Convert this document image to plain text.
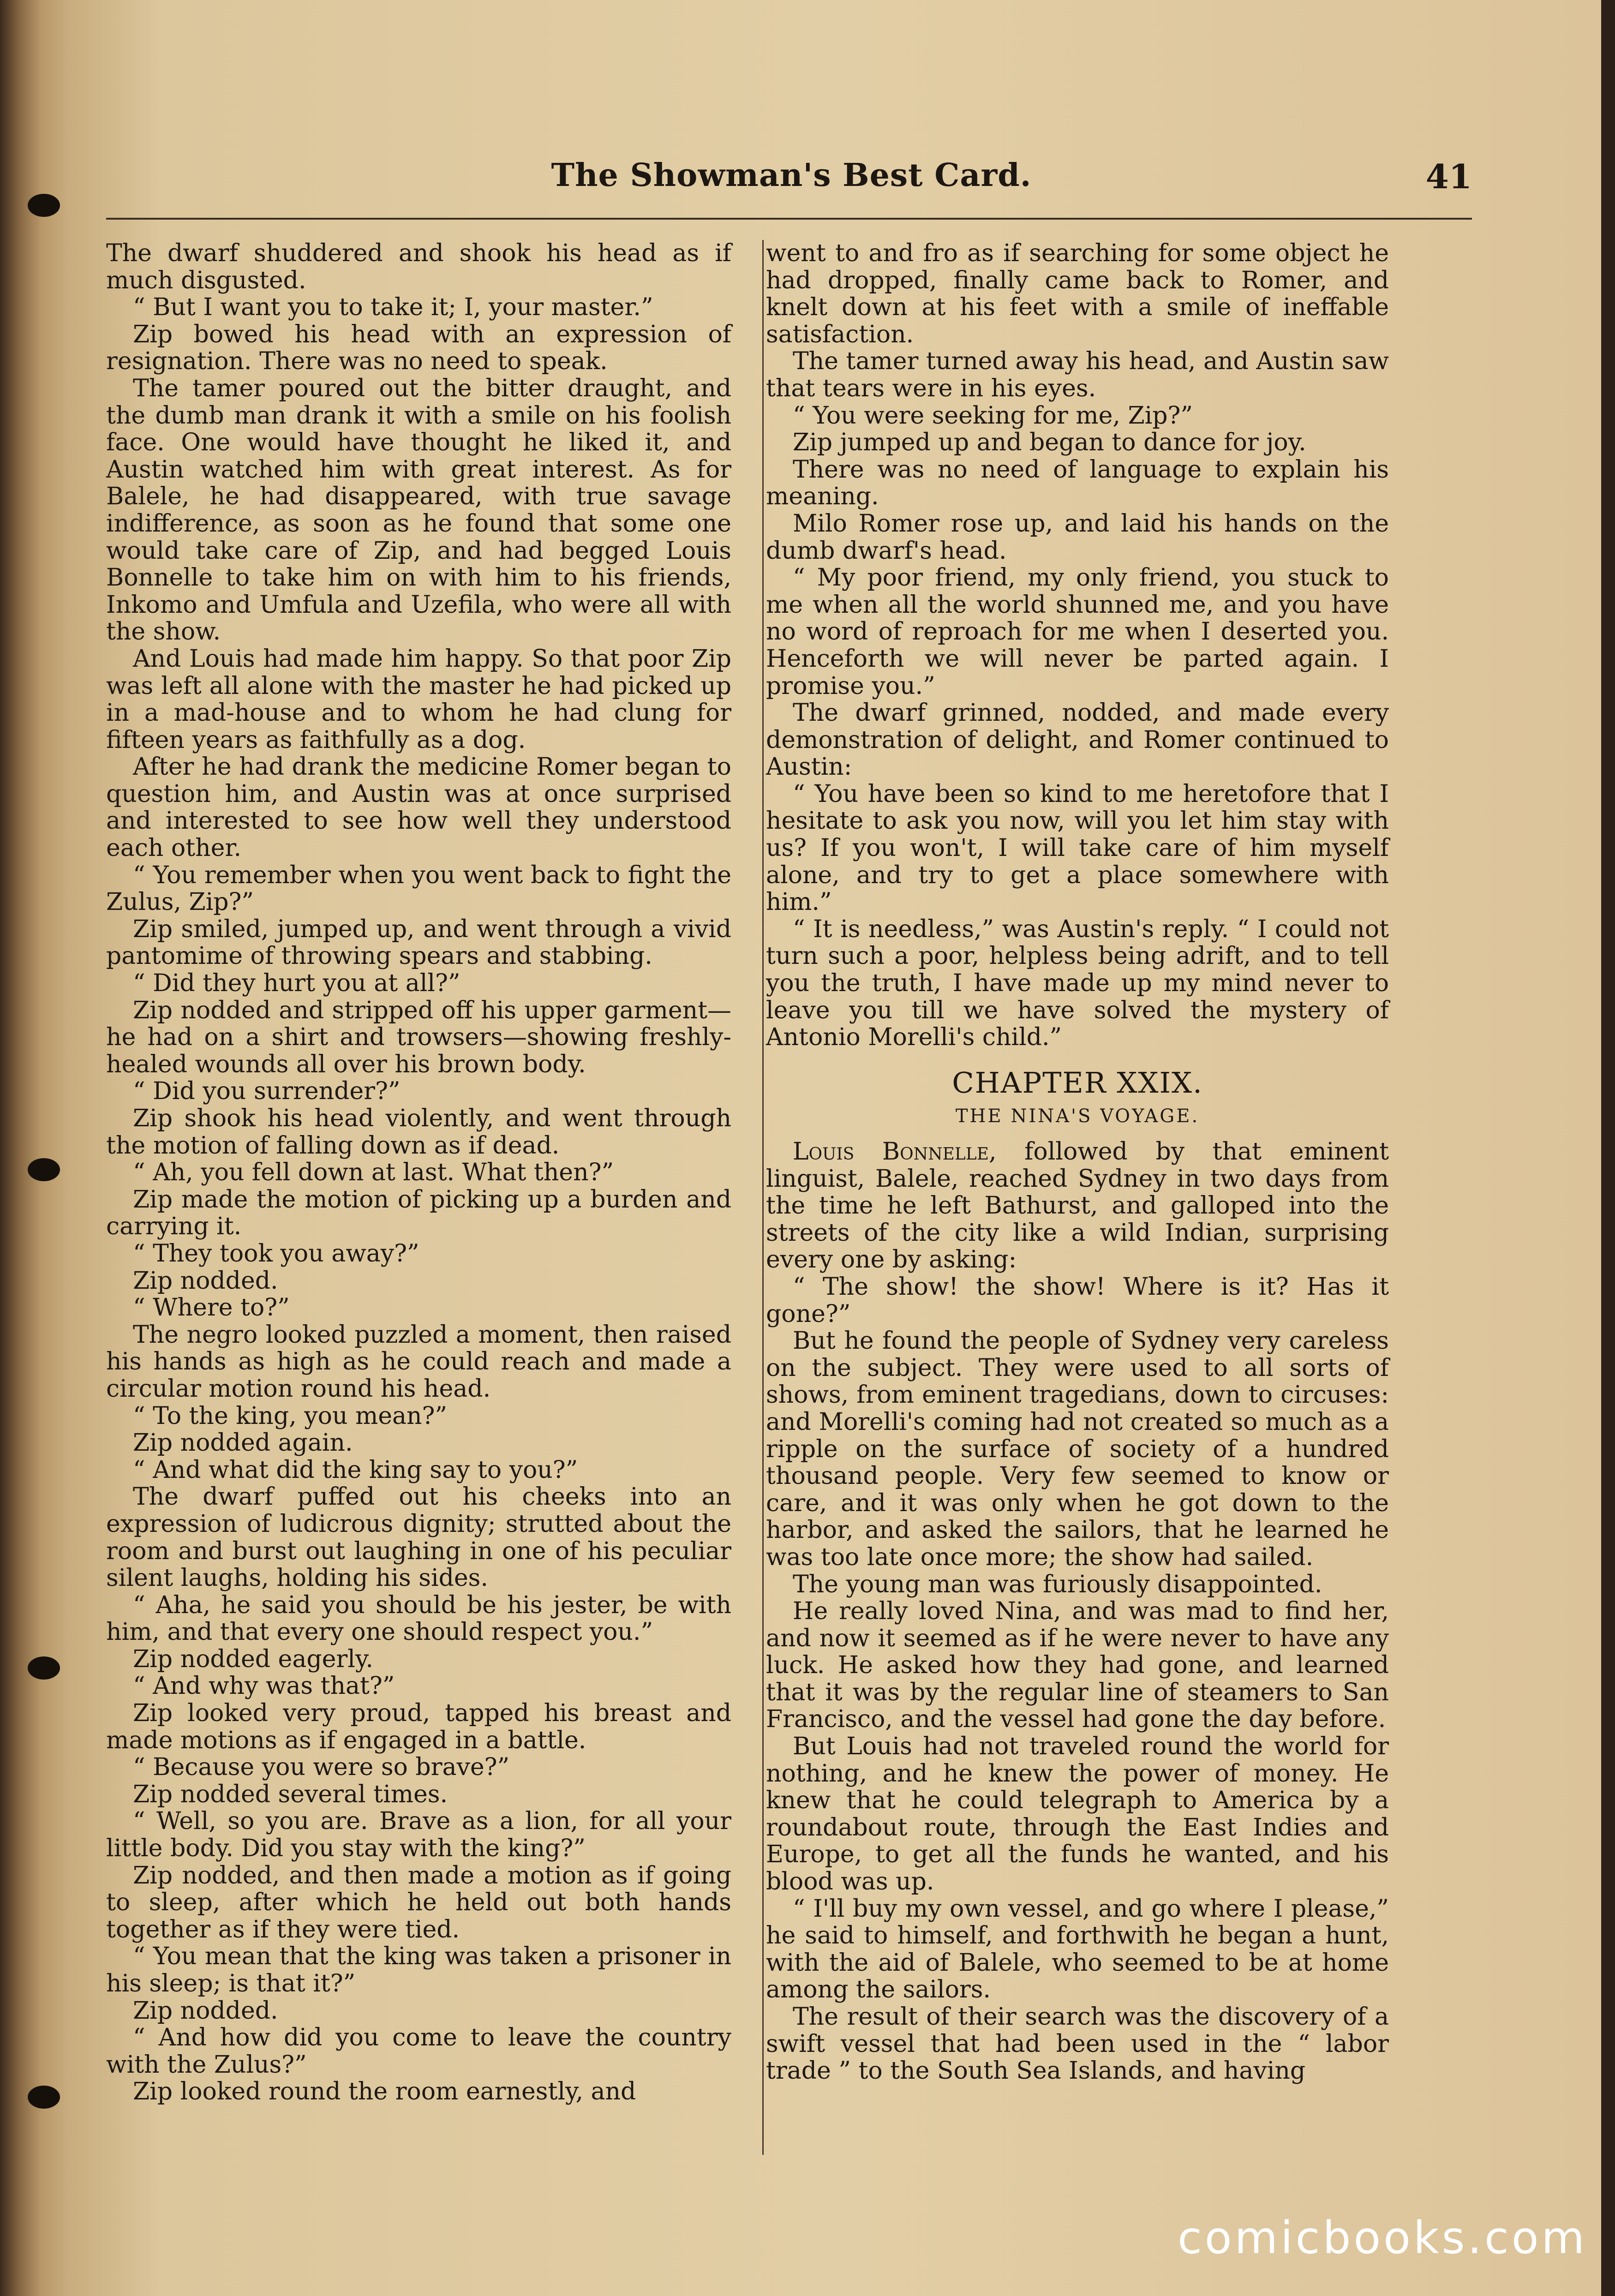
The Showman's Best Card.	41

The dwarf shuddered and shook his head as if much disgusted.

“ But I want you to take it; I, your master.”

Zip bowed his head with an expression of resignation. There was no need to speak.

The tamer poured out the bitter draught, and the dumb man drank it with a smile on his foolish face. One would have thought he liked it, and Austin watched him with great interest. As for Balele, he had disappeared, with true savage indifference, as soon as he found that some one would take care of Zip, and had begged Louis Bonnelle to take him on with him to his friends, Inkomo and Umfula and Uzefila, who were all with the show.

And Louis had made him happy. So that poor Zip was left all alone with the master he had picked up in a mad-house and to whom he had clung for fifteen years as faithfully as a dog.

After he had drank the medicine Romer began to question him, and Austin was at once surprised and interested to see how well they understood each other.

“ You remember when you went back to fight the Zulus, Zip?”

Zip smiled, jumped up, and went through a vivid pantomime of throwing spears and stabbing.

“ Did they hurt you at all?”

Zip nodded and stripped off his upper garment—he had on a shirt and trowsers—showing freshly-healed wounds all over his brown body.

“ Did you surrender?”

Zip shook his head violently, and went through the motion of falling down as if dead.

“ Ah, you fell down at last. What then?”

Zip made the motion of picking up a burden and carrying it.

“ They took you away?”

Zip nodded.

“ Where to?”

The negro looked puzzled a moment, then raised his hands as high as he could reach and made a circular motion round his head.

“ To the king, you mean?”

Zip nodded again.

“ And what did the king say to you?”

The dwarf puffed out his cheeks into an expression of ludicrous dignity; strutted about the room and burst out laughing in one of his peculiar silent laughs, holding his sides.

“ Aha, he said you should be his jester, be with him, and that every one should respect you.”

Zip nodded eagerly.

“ And why was that?”

Zip looked very proud, tapped his breast and made motions as if engaged in a battle.

“ Because you were so brave?”

Zip nodded several times.

“ Well, so you are. Brave as a lion, for all your little body. Did you stay with the king?”

Zip nodded, and then made a motion as if going to sleep, after which he held out both hands together as if they were tied.

“ You mean that the king was taken a prisoner in his sleep; is that it?”

Zip nodded.

“ And how did you come to leave the country with the Zulus?”

Zip looked round the room earnestly, and

went to and fro as if searching for some object he had dropped, finally came back to Romer, and knelt down at his feet with a smile of ineffable satisfaction.

The tamer turned away his head, and Austin saw that tears were in his eyes.

“ You were seeking for me, Zip?”

Zip jumped up and began to dance for joy.

There was no need of language to explain his meaning.

Milo Romer rose up, and laid his hands on the dumb dwarf's head.

“ My poor friend, my only friend, you stuck to me when all the world shunned me, and you have no word of reproach for me when I deserted you. Henceforth we will never be parted again. I promise you.”

The dwarf grinned, nodded, and made every demonstration of delight, and Romer continued to Austin:

“ You have been so kind to me heretofore that I hesitate to ask you now, will you let him stay with us? If you won't, I will take care of him myself alone, and try to get a place somewhere with him.”

“ It is needless,” was Austin's reply. “ I could not turn such a poor, helpless being adrift, and to tell you the truth, I have made up my mind never to leave you till we have solved the mystery of Antonio Morelli's child.”

CHAPTER XXIX.
THE NINA'S VOYAGE.

Louis Bonnelle, followed by that eminent linguist, Balele, reached Sydney in two days from the time he left Bathurst, and galloped into the streets of the city like a wild Indian, surprising every one by asking:

“ The show! the show! Where is it? Has it gone?”

But he found the people of Sydney very careless on the subject. They were used to all sorts of shows, from eminent tragedians, down to circuses: and Morelli's coming had not created so much as a ripple on the surface of society of a hundred thousand people. Very few seemed to know or care, and it was only when he got down to the harbor, and asked the sailors, that he learned he was too late once more; the show had sailed.

The young man was furiously disappointed.

He really loved Nina, and was mad to find her, and now it seemed as if he were never to have any luck. He asked how they had gone, and learned that it was by the regular line of steamers to San Francisco, and the vessel had gone the day before.

But Louis had not traveled round the world for nothing, and he knew the power of money. He knew that he could telegraph to America by a roundabout route, through the East Indies and Europe, to get all the funds he wanted, and his blood was up.

“ I'll buy my own vessel, and go where I please,” he said to himself, and forthwith he began a hunt, with the aid of Balele, who seemed to be at home among the sailors.

The result of their search was the discovery of a swift vessel that had been used in the “ labor trade ” to the South Sea Islands, and having

comicbooks.com
